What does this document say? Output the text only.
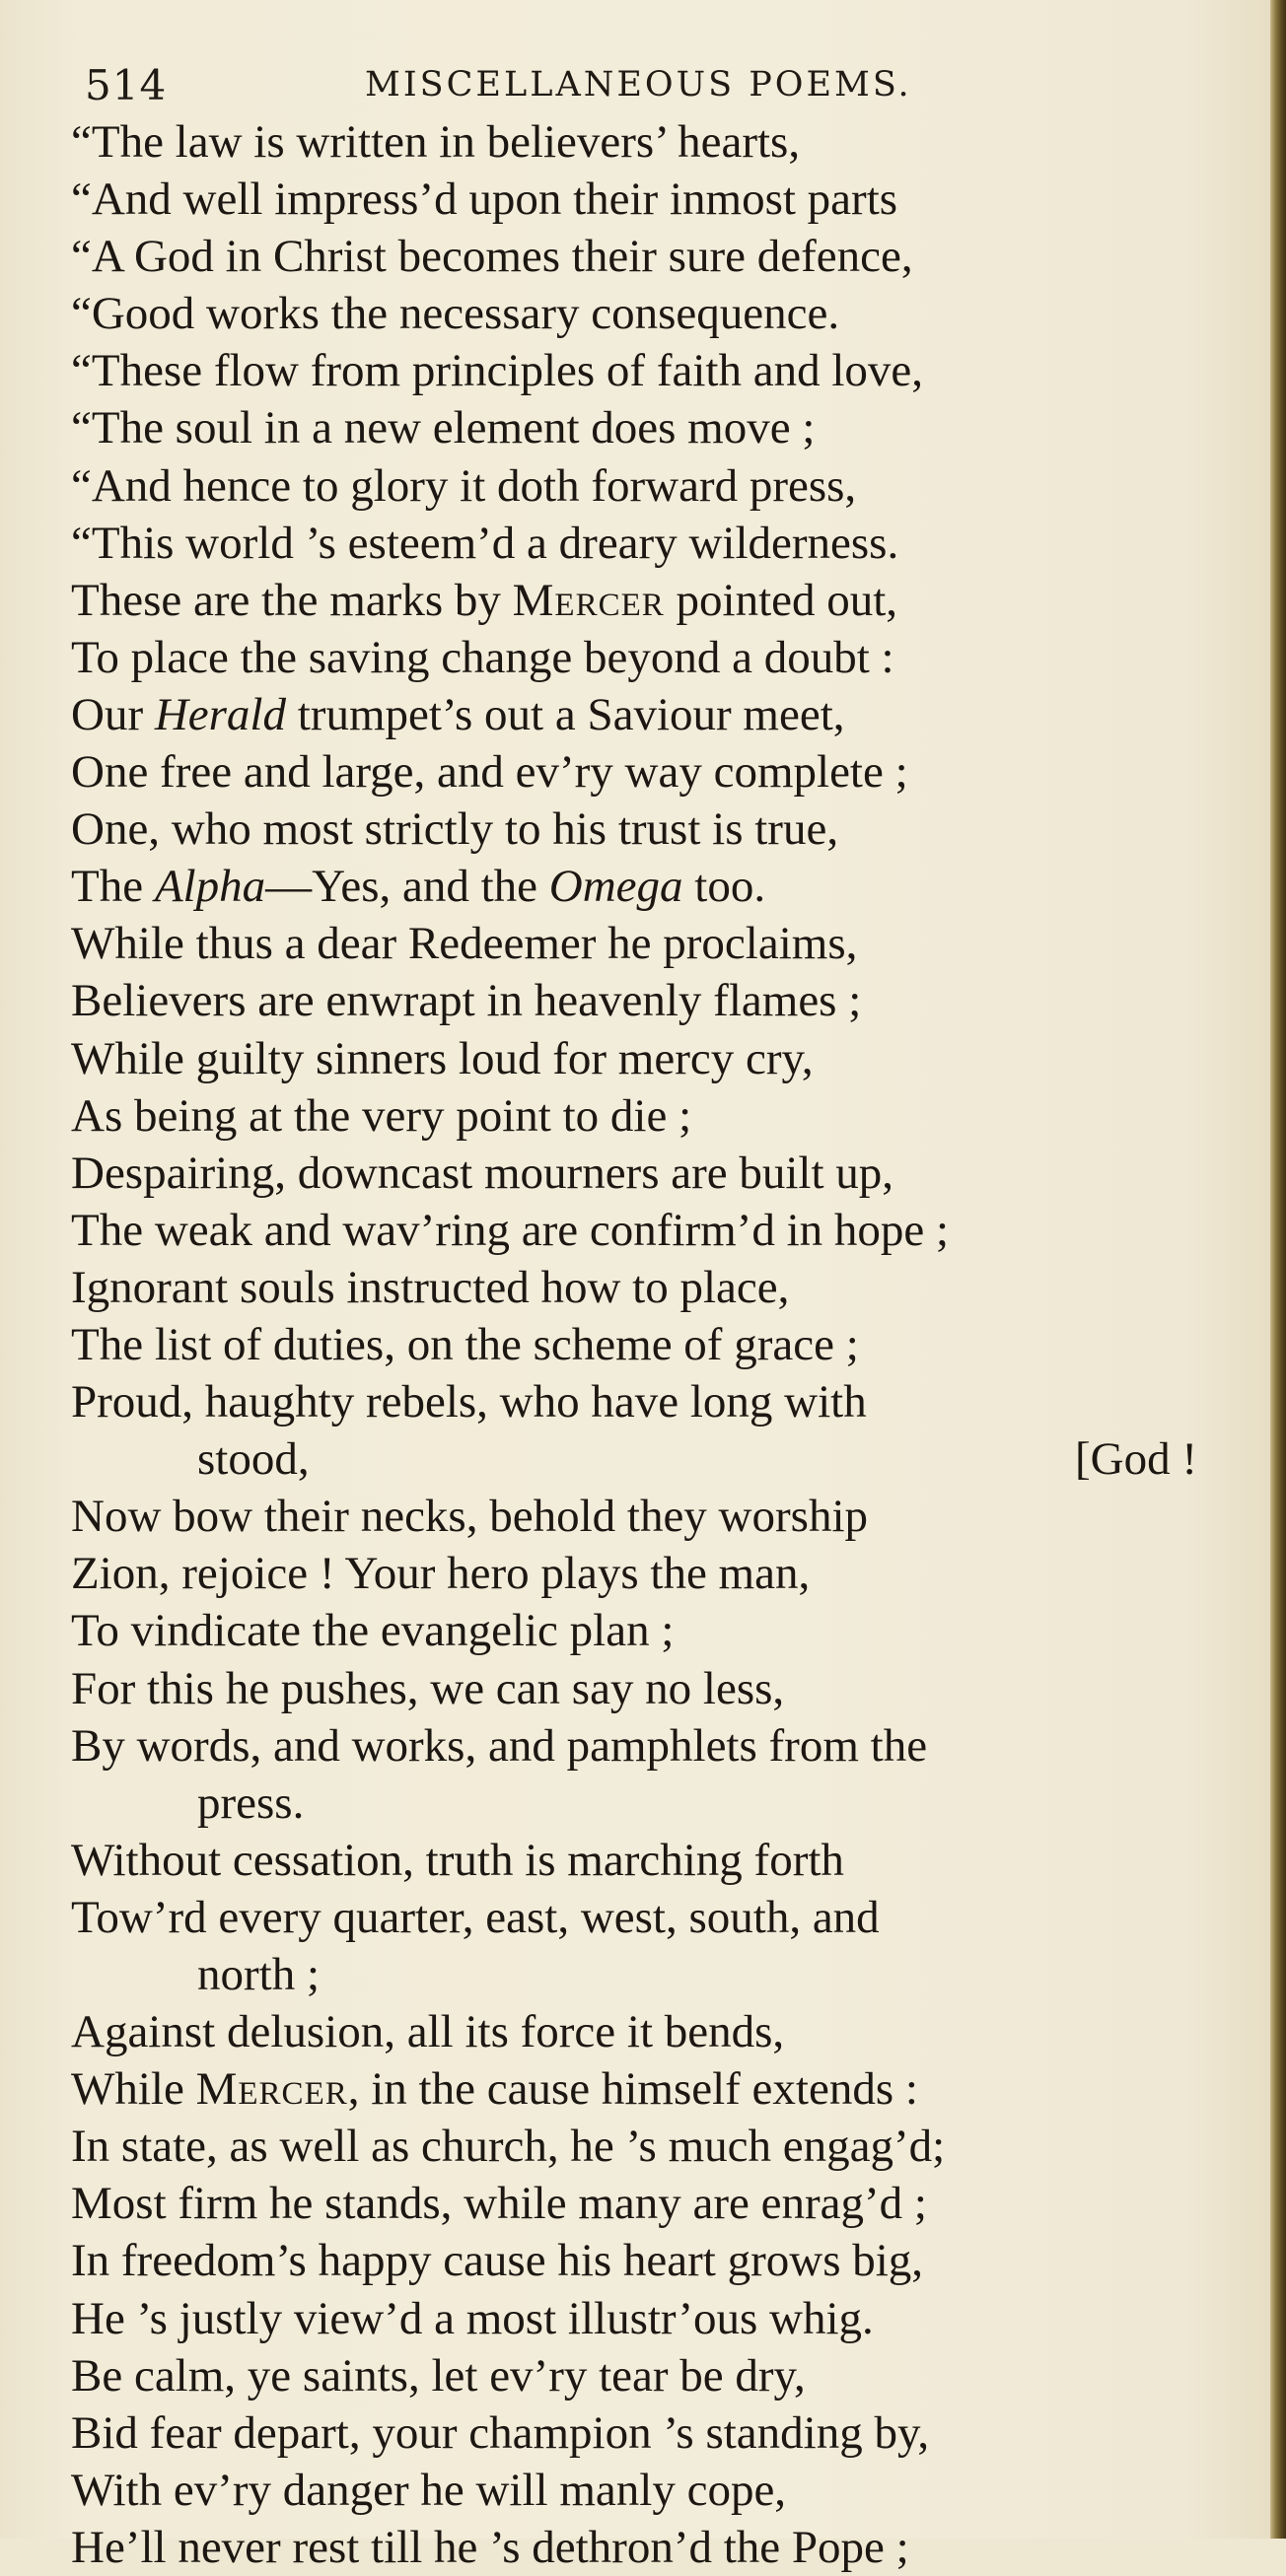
514	MISCELLANEOUS POEMS.
“The law is written in believers’ hearts,
“And well impress’d upon their inmost parts
“A God in Christ becomes their sure defence,
“Good works the necessary consequence.
“These flow from principles of faith and love,
“The soul in a new element does move ;
“And hence to glory it doth forward press,
“This world ’s esteem’d a dreary wilderness.
These are the marks by Mercer pointed out,
To place the saving change beyond a doubt :
Our Herald trumpet’s out a Saviour meet,
One free and large, and ev’ry way complete ;
One, who most strictly to his trust is true,
The Alpha—Yes, and the Omega too.
While thus a dear Redeemer he proclaims,
Believers are enwrapt in heavenly flames ;
While guilty sinners loud for mercy cry,
As being at the very point to die ;
Despairing, downcast mourners are built up,
The weak and wav’ring are confirm’d in hope ;
Ignorant souls instructed how to place,
The list of duties, on the scheme of grace ;
Proud, haughty rebels, who have long with
stood,	[God !
Now bow their necks, behold they worship
Zion, rejoice ! Your hero plays the man,
To vindicate the evangelic plan ;
For this he pushes, we can say no less,
By words, and works, and pamphlets from the
press.
Without cessation, truth is marching forth
Tow’rd every quarter, east, west, south, and
north ;
Against delusion, all its force it bends,
While Mercer, in the cause himself extends :
In state, as well as church, he ’s much engag’d;
Most firm he stands, while many are enrag’d ;
In freedom’s happy cause his heart grows big,
He ’s justly view’d a most illustr’ous whig.
Be calm, ye saints, let ev’ry tear be dry,
Bid fear depart, your champion ’s standing by,
With ev’ry danger he will manly cope,
He’ll never rest till he ’s dethron’d the Pope ;
